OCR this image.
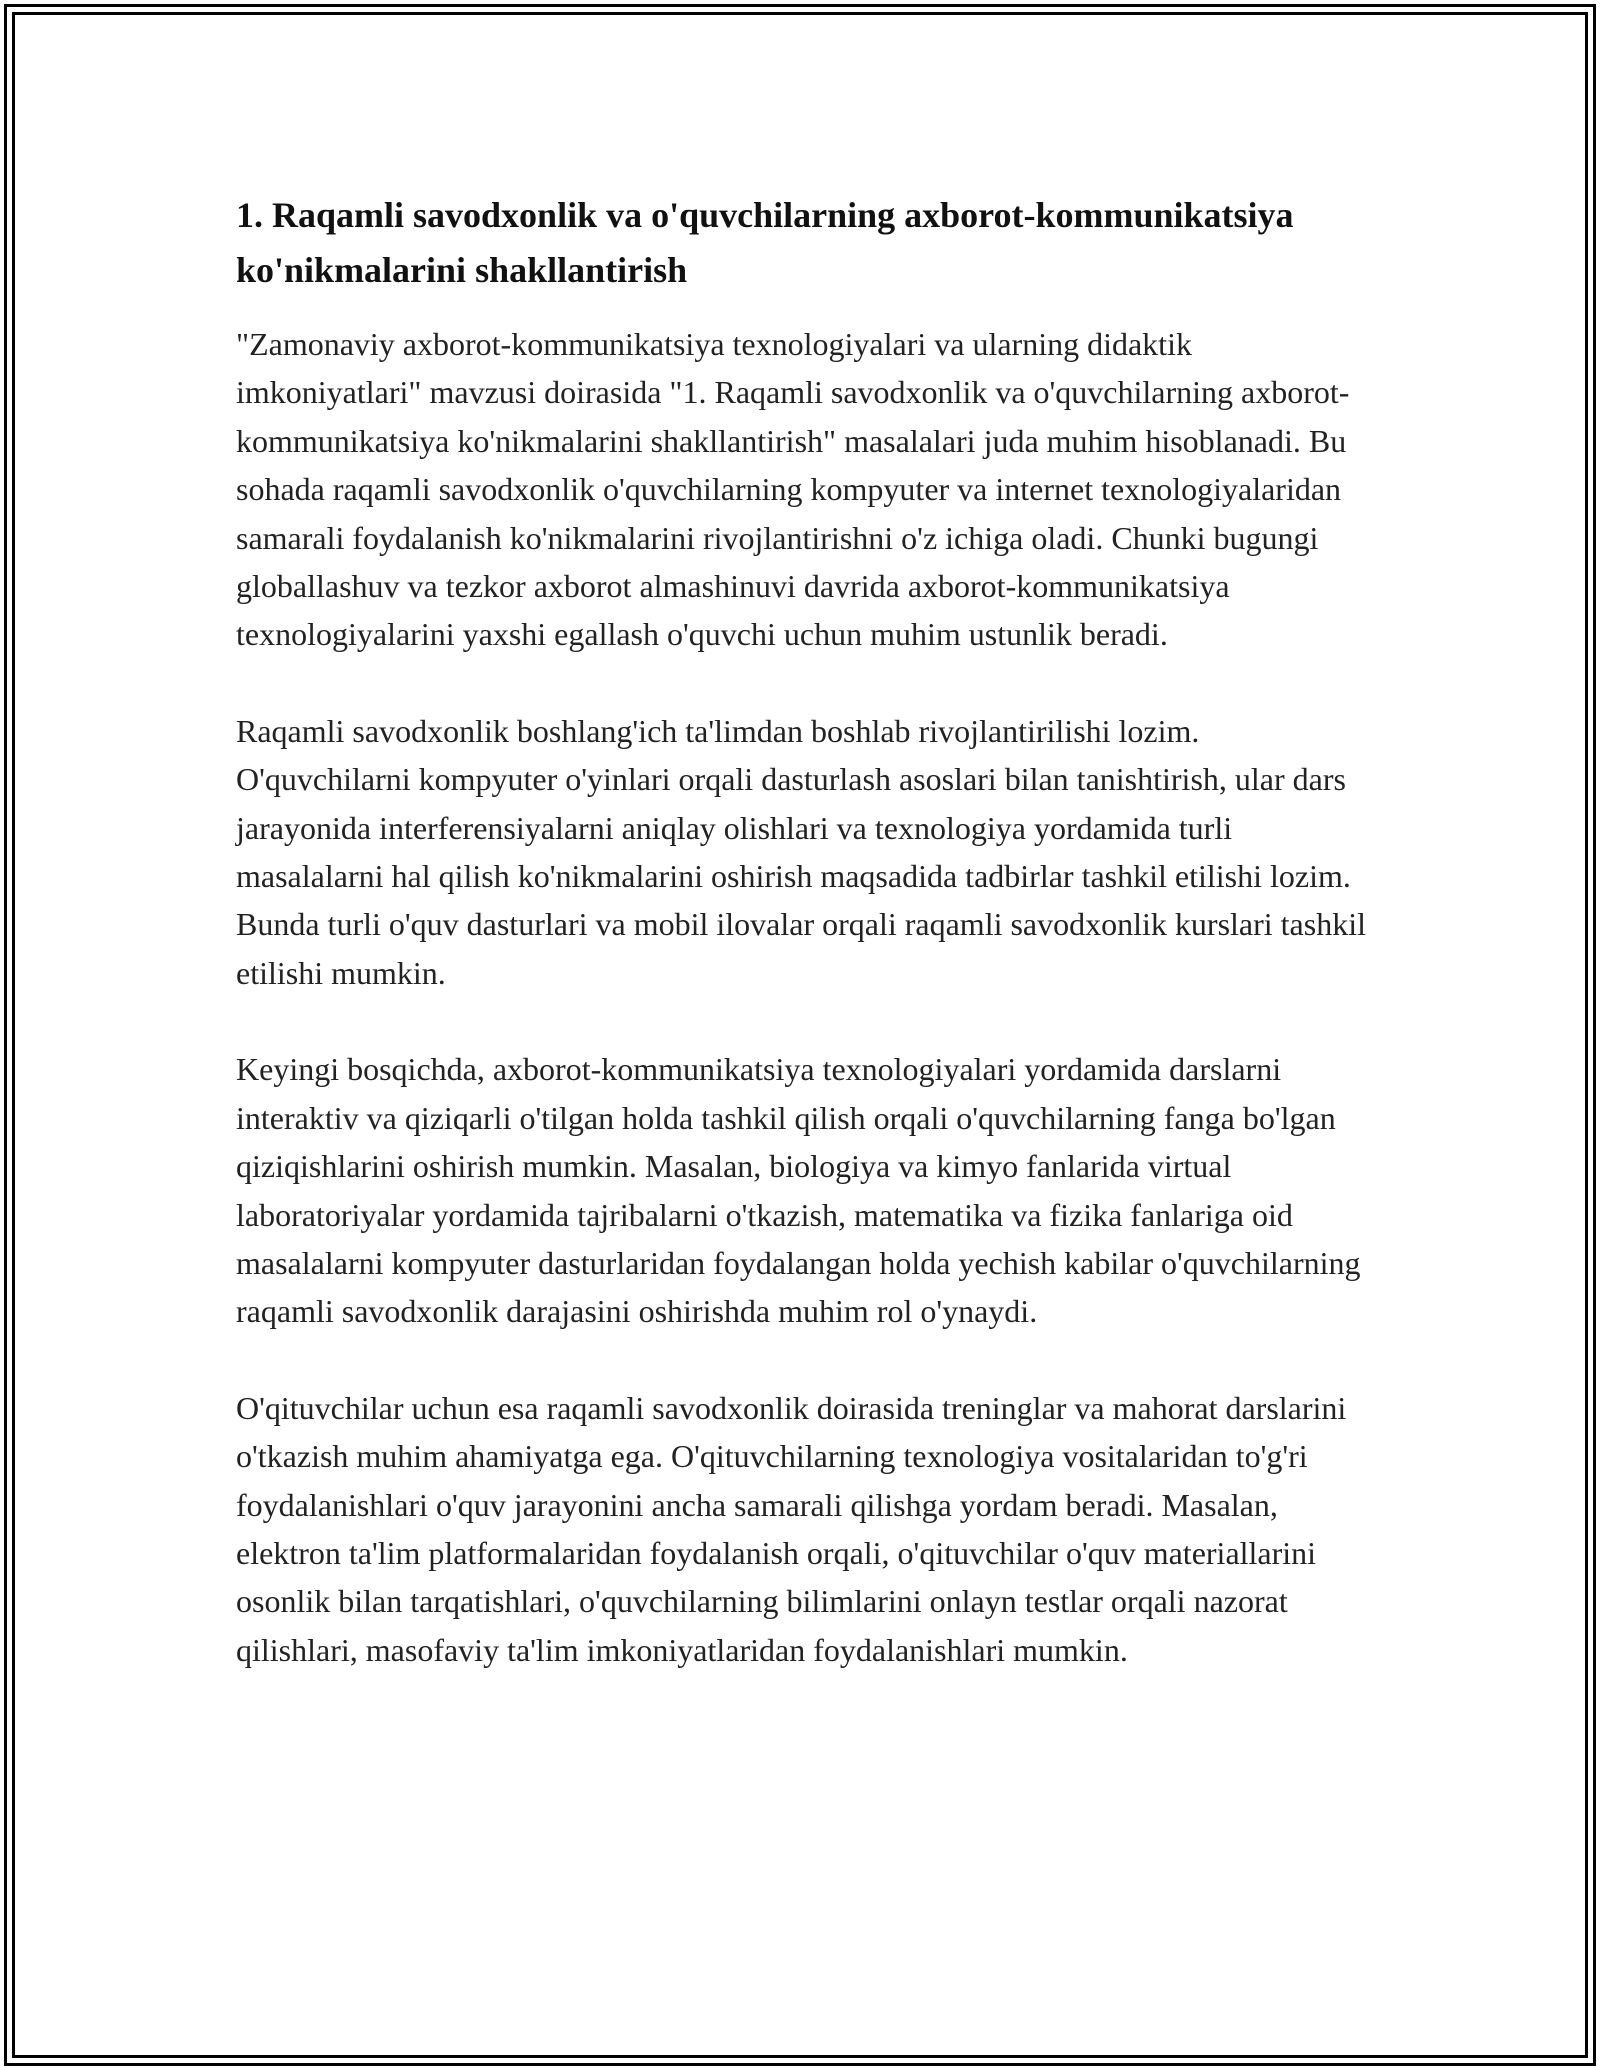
1. Raqamli savodxonlik va o'quvchilarning axborot-kommunikatsiya ko'nikmalarini shakllantirish

"Zamonaviy axborot-kommunikatsiya texnologiyalari va ularning didaktik imkoniyatlari" mavzusi doirasida "1. Raqamli savodxonlik va o'quvchilarning axborot-kommunikatsiya ko'nikmalarini shakllantirish" masalalari juda muhim hisoblanadi. Bu sohada raqamli savodxonlik o'quvchilarning kompyuter va internet texnologiyalaridan samarali foydalanish ko'nikmalarini rivojlantirishni o'z ichiga oladi. Chunki bugungi globallashuv va tezkor axborot almashinuvi davrida axborot-kommunikatsiya texnologiyalarini yaxshi egallash o'quvchi uchun muhim ustunlik beradi.

Raqamli savodxonlik boshlang'ich ta'limdan boshlab rivojlantirilishi lozim. O'quvchilarni kompyuter o'yinlari orqali dasturlash asoslari bilan tanishtirish, ular dars jarayonida interferensiyalarni aniqlay olishlari va texnologiya yordamida turli masalalarni hal qilish ko'nikmalarini oshirish maqsadida tadbirlar tashkil etilishi lozim. Bunda turli o'quv dasturlari va mobil ilovalar orqali raqamli savodxonlik kurslari tashkil etilishi mumkin.

Keyingi bosqichda, axborot-kommunikatsiya texnologiyalari yordamida darslarni interaktiv va qiziqarli o'tilgan holda tashkil qilish orqali o'quvchilarning fanga bo'lgan qiziqishlarini oshirish mumkin. Masalan, biologiya va kimyo fanlarida virtual laboratoriyalar yordamida tajribalarni o'tkazish, matematika va fizika fanlariga oid masalalarni kompyuter dasturlaridan foydalangan holda yechish kabilar o'quvchilarning raqamli savodxonlik darajasini oshirishda muhim rol o'ynaydi.

O'qituvchilar uchun esa raqamli savodxonlik doirasida treninglar va mahorat darslarini o'tkazish muhim ahamiyatga ega. O'qituvchilarning texnologiya vositalaridan to'g'ri foydalanishlari o'quv jarayonini ancha samarali qilishga yordam beradi. Masalan, elektron ta'lim platformalaridan foydalanish orqali, o'qituvchilar o'quv materiallarini osonlik bilan tarqatishlari, o'quvchilarning bilimlarini onlayn testlar orqali nazorat qilishlari, masofaviy ta'lim imkoniyatlaridan foydalanishlari mumkin.
